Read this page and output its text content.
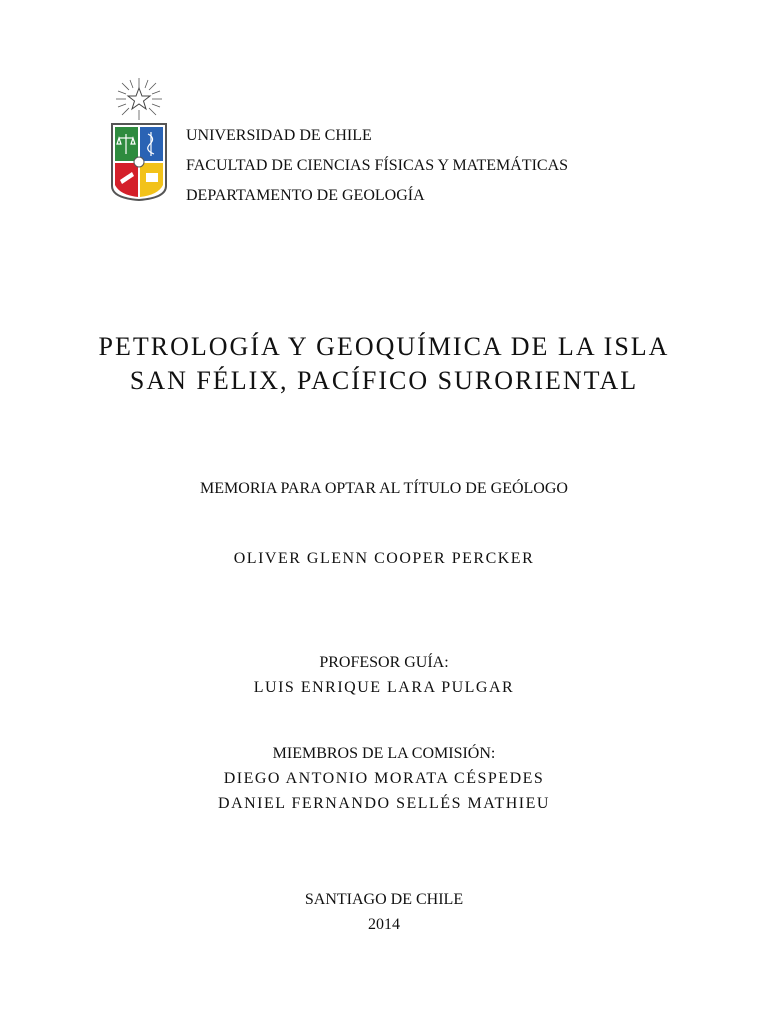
UNIVERSIDAD DE CHILE
FACULTAD DE CIENCIAS FÍSICAS Y MATEMÁTICAS
DEPARTAMENTO DE GEOLOGÍA
PETROLOGÍA Y GEOQUÍMICA DE LA ISLA
SAN FÉLIX, PACÍFICO SURORIENTAL
MEMORIA PARA OPTAR AL TÍTULO DE GEÓLOGO
OLIVER GLENN COOPER PERCKER
PROFESOR GUÍA:
LUIS ENRIQUE LARA PULGAR
MIEMBROS DE LA COMISIÓN:
DIEGO ANTONIO MORATA CÉSPEDES
DANIEL FERNANDO SELLÉS MATHIEU
SANTIAGO DE CHILE
2014
